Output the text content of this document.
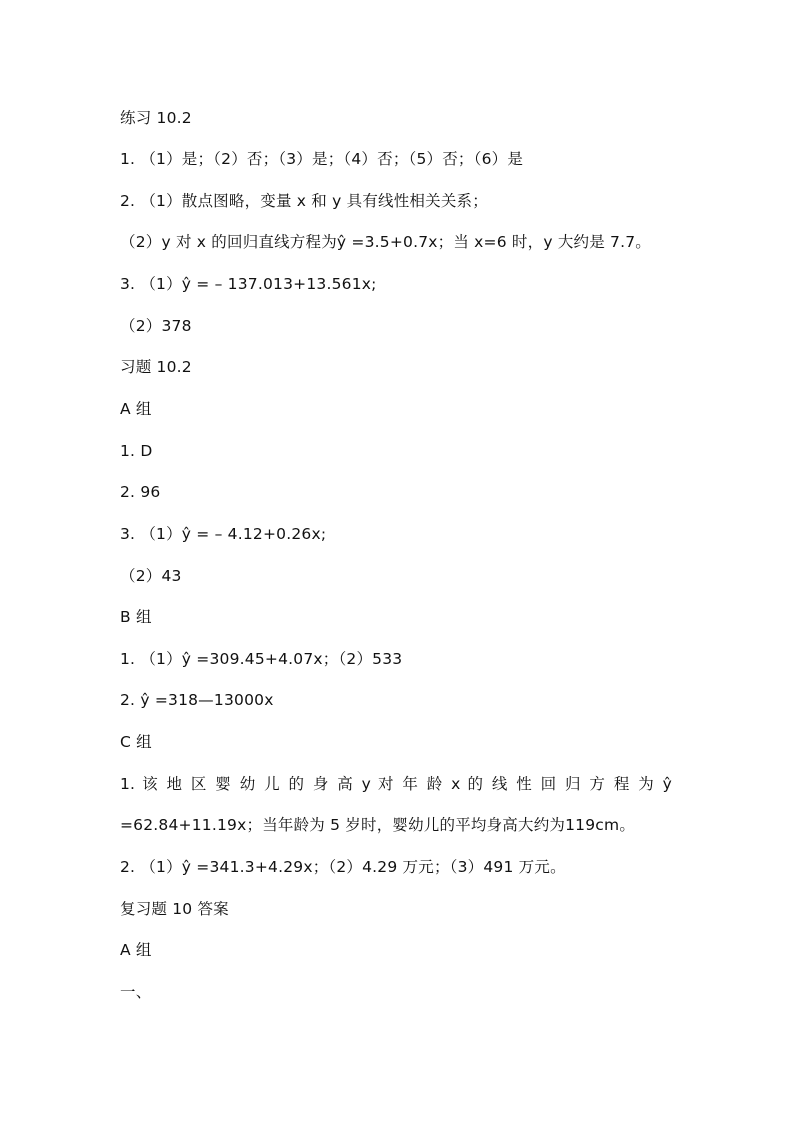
练习 10.2
1. （1）是；（2）否；（3）是；（4）否；（5）否；（6）是
2. （1）散点图略，变量 x 和 y 具有线性相关关系；
（2）y 对 x 的回归直线方程为ŷ =3.5+0.7x；当 x=6 时，y 大约是 7.7。
3. （1）ŷ = – 137.013+13.561x;
（2）378
习题 10.2
A 组
1. D
2. 96
3. （1）ŷ = – 4.12+0.26x;
（2）43
B 组
1. （1）ŷ =309.45+4.07x；（2）533
2. ŷ =318—13000x
C 组
1. 该 地 区 婴 幼 儿 的 身 高 y 对 年 龄 x 的 线 性 回 归 方 程 为 ŷ
=62.84+11.19x；当年龄为 5 岁时，婴幼儿的平均身高大约为119cm。
2. （1）ŷ =341.3+4.29x；（2）4.29 万元；（3）491 万元。
复习题 10 答案
A 组
一、
